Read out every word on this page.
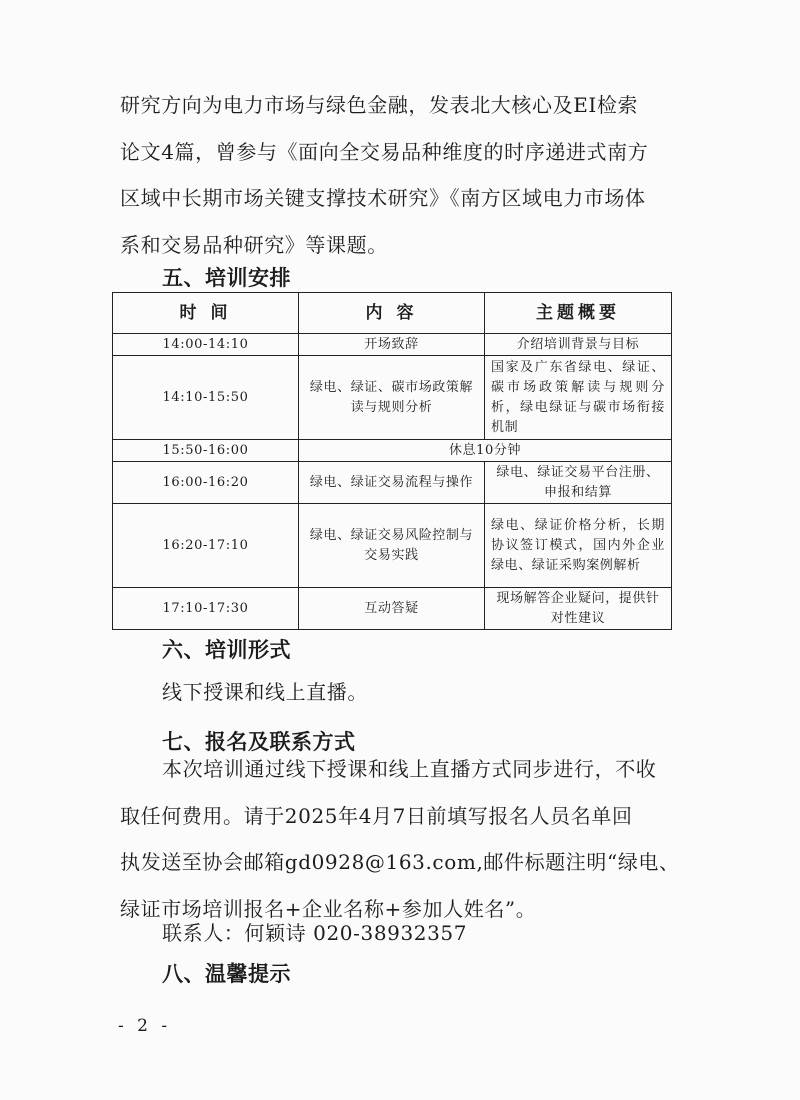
研究方向为电力市场与绿色金融，发表北大核心及EI检索
论文4篇，曾参与《面向全交易品种维度的时序递进式南方
区域中长期市场关键支撑技术研究》《南方区域电力市场体
系和交易品种研究》等课题。
五、培训安排
时 间	内 容	主题概要
14:00-14:10	开场致辞	介绍培训背景与目标
14:10-15:50	绿电、绿证、碳市场政策解读与规则分析	国家及广东省绿电、绿证、碳市场政策解读与规则分析，绿电绿证与碳市场衔接机制
15:50-16:00	休息10分钟	
16:00-16:20	绿电、绿证交易流程与操作	绿电、绿证交易平台注册、申报和结算
16:20-17:10	绿电、绿证交易风险控制与交易实践	绿电、绿证价格分析，长期协议签订模式，国内外企业绿电、绿证采购案例解析
17:10-17:30	互动答疑	现场解答企业疑问，提供针对性建议
六、培训形式

线下授课和线上直播。

七、报名及联系方式
本次培训通过线下授课和线上直播方式同步进行，不收
取任何费用。请于2025年4月7日前填写报名人员名单回
执发送至协会邮箱gd0928@163.com,邮件标题注明“绿电、
绿证市场培训报名+企业名称+参加人姓名”。

联系人：何颖诗 020-38932357

八、温馨提示
- 2 -
